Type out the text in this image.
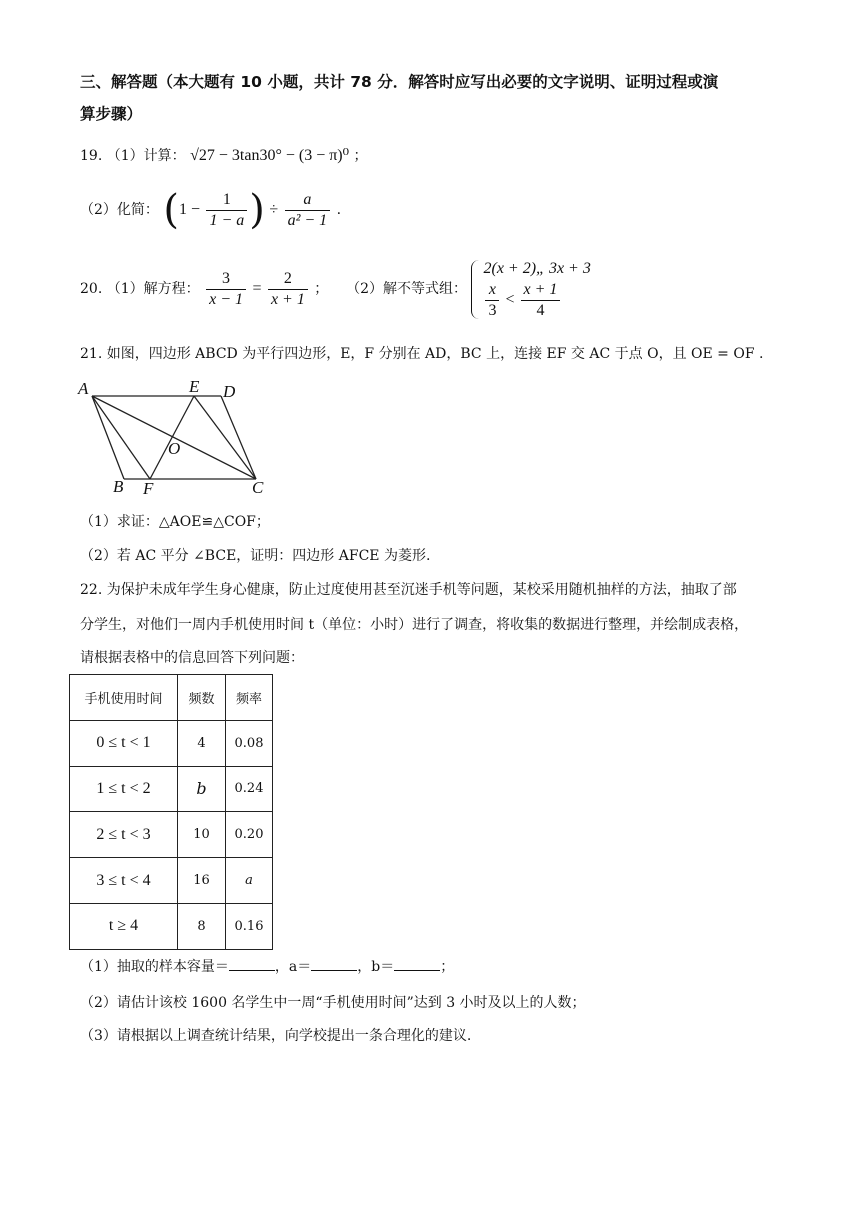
三、解答题（本大题有 10 小题，共计 78 分．解答时应写出必要的文字说明、证明过程或演
算步骤）
19. （1）计算： √27 − 3tan30° − (3 − π)⁰ ；
（2）化简： ($1 - \frac{1}{1 - a}$ ) ÷ $\frac{a}{\text{a² − 1}}$ .
20. （1）解方程： $\frac{3}{x - 1} = \frac{2}{x + 1}$ ； （2）解不等式组：
2(x + 2)„ 3x + 3
$\frac{x}{3} < \frac{x + 1}{4}$
21. 如图，四边形 ABCD 为平行四边形，E，F 分别在 AD，BC 上，连接 EF 交 AC 于点 O，且 OE = OF .
A	E D
O
B F	C
（1）求证：△AOE≌△COF；
（2）若 AC 平分 ∠BCE，证明：四边形 AFCE 为菱形.
22. 为保护未成年学生身心健康，防止过度使用甚至沉迷手机等问题，某校采用随机抽样的方法，抽取了部
分学生，对他们一周内手机使用时间 t（单位：小时）进行了调查，将收集的数据进行整理，并绘制成表格，
请根据表格中的信息回答下列问题：
手机使用时间	频数	频率
0 ≤ t < 1	4	0.08
1 ≤ t < 2	b	0.24
2 ≤ t < 3	10	0.20
3 ≤ t < 4	16	a
t ≥ 4	8	0.16
（1）抽取的样本容量＝	，a＝	，b＝	；
（2）请估计该校 1600 名学生中一周“手机使用时间”达到 3 小时及以上的人数；
（3）请根据以上调查统计结果，向学校提出一条合理化的建议.
